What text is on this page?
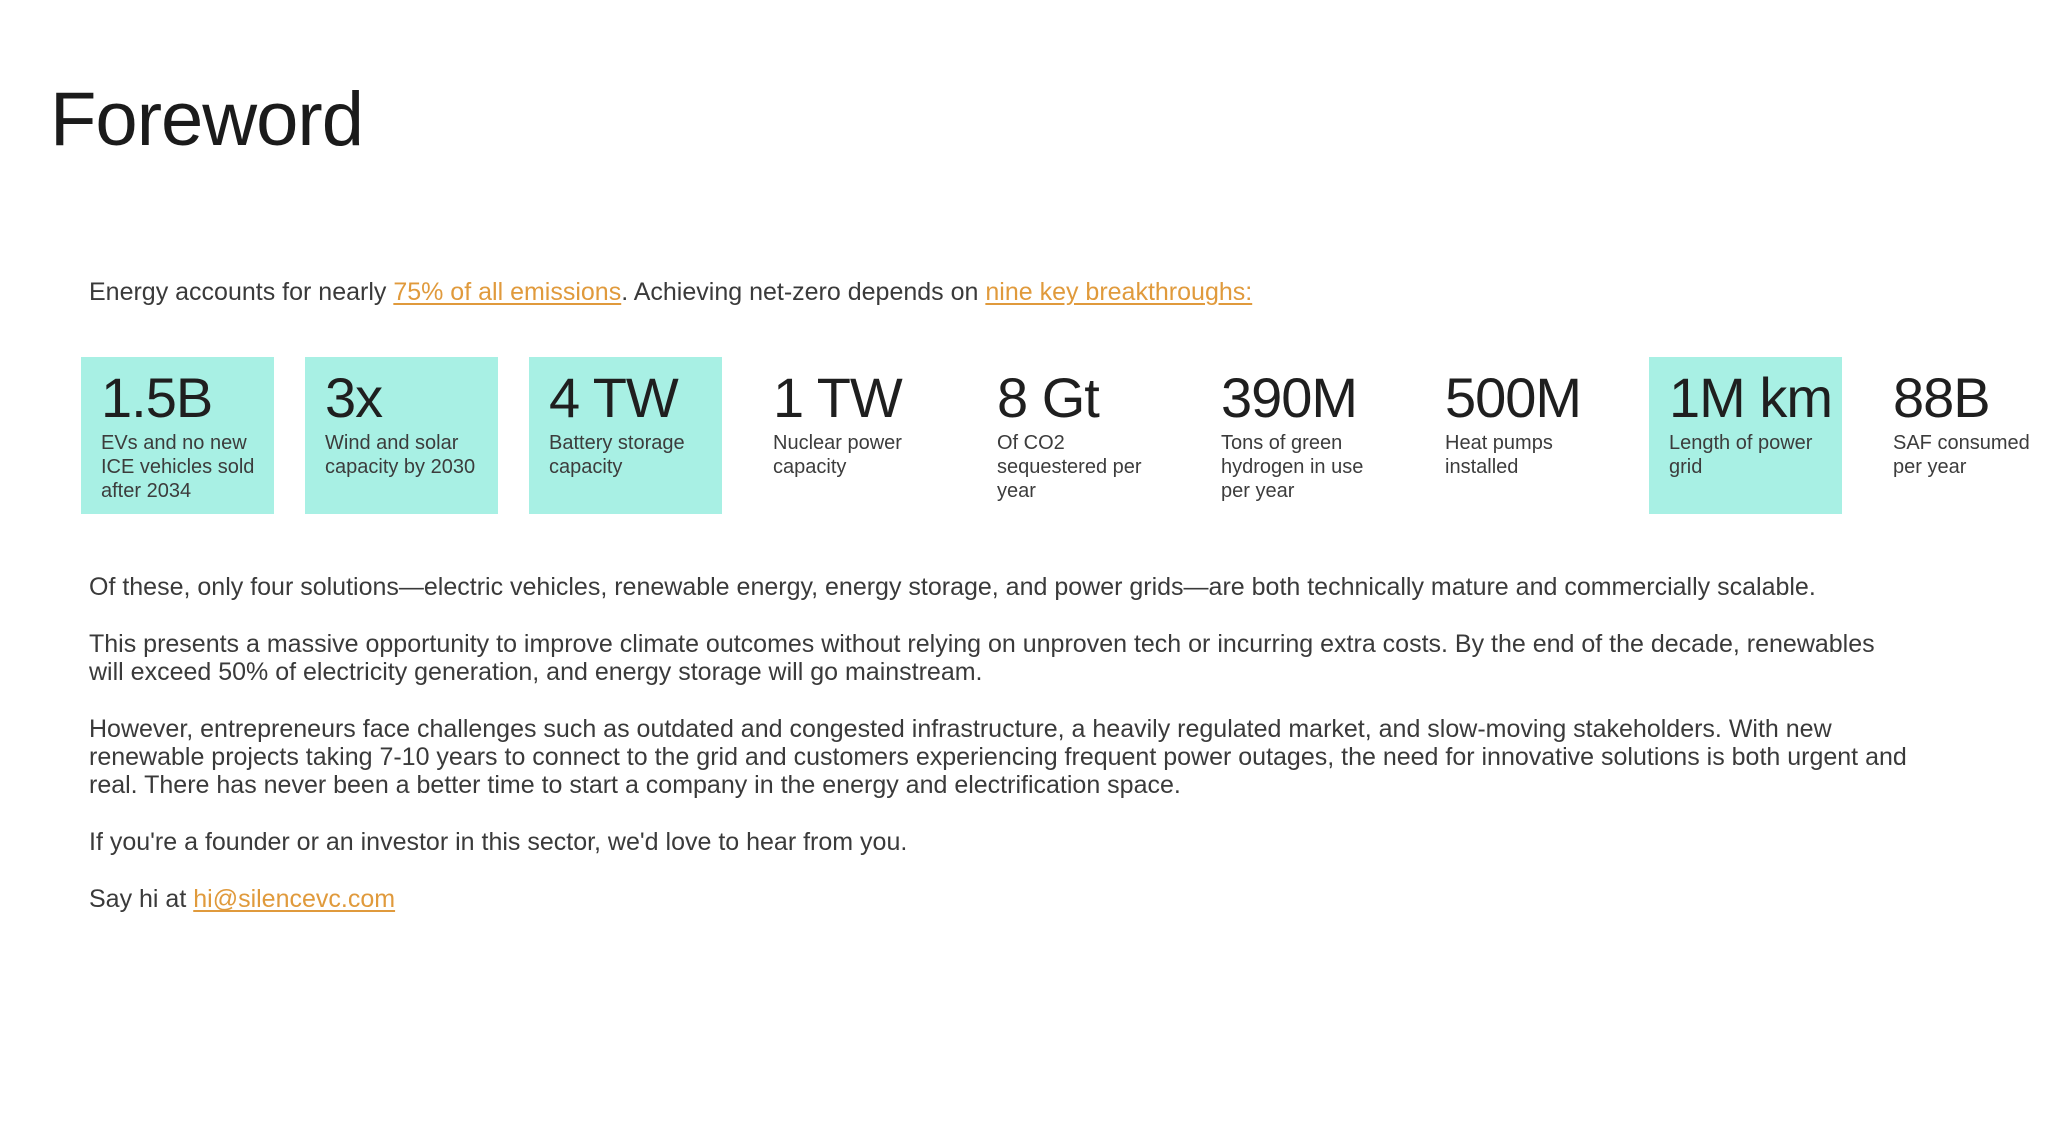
Foreword
Energy accounts for nearly 75% of all emissions. Achieving net-zero depends on nine key breakthroughs:
1.5B
EVs and no new ICE vehicles sold after 2034
3x
Wind and solar capacity by 2030
4 TW
Battery storage capacity
1 TW
Nuclear power capacity
8 Gt
Of CO2 sequestered per year
390M
Tons of green hydrogen in use per year
500M
Heat pumps installed
1M km
Length of power grid
88B
SAF consumed per year

Of these, only four solutions—electric vehicles, renewable energy, energy storage, and power grids—are both technically mature and commercially scalable.

This presents a massive opportunity to improve climate outcomes without relying on unproven tech or incurring extra costs. By the end of the decade, renewables will exceed 50% of electricity generation, and energy storage will go mainstream.

However, entrepreneurs face challenges such as outdated and congested infrastructure, a heavily regulated market, and slow-moving stakeholders. With new renewable projects taking 7-10 years to connect to the grid and customers experiencing frequent power outages, the need for innovative solutions is both urgent and real. There has never been a better time to start a company in the energy and electrification space.

If you're a founder or an investor in this sector, we'd love to hear from you.

Say hi at hi@silencevc.com
